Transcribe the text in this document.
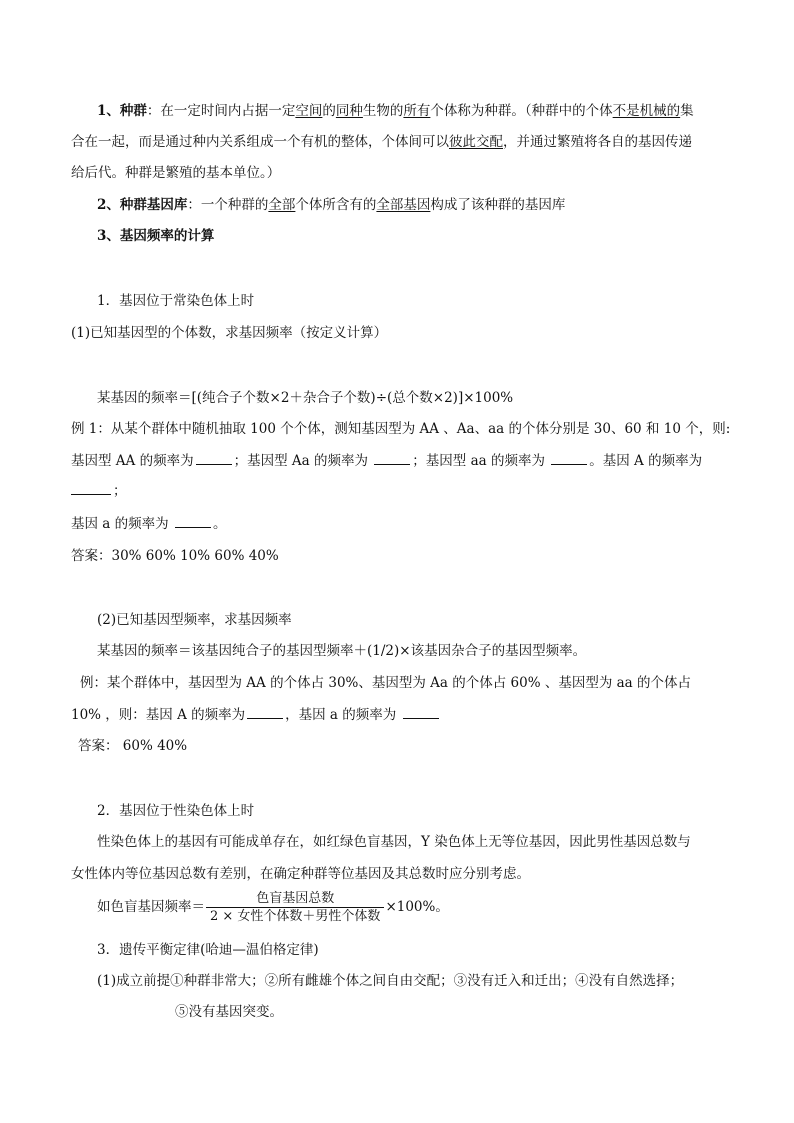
1、种群：在一定时间内占据一定空间的同种生物的所有个体称为种群。（种群中的个体不是机械的集
合在一起，而是通过种内关系组成一个有机的整体，个体间可以彼此交配，并通过繁殖将各自的基因传递
给后代。种群是繁殖的基本单位。）
2、种群基因库：一个种群的全部个体所含有的全部基因构成了该种群的基因库
3、基因频率的计算
1．基因位于常染色体上时
(1)已知基因型的个体数，求基因频率（按定义计算）
某基因的频率＝[(纯合子个数×2＋杂合子个数)÷(总个数×2)]×100%
例 1：从某个群体中随机抽取 100 个个体，测知基因型为 AA 、Aa、aa 的个体分别是 30、60 和 10 个，则:
基因型 AA 的频率为	；基因型 Aa 的频率为	；基因型 aa 的频率为	。基因 A 的频率为
；
基因 a 的频率为	。
答案：30% 60% 10% 60% 40%
(2)已知基因型频率，求基因频率
某基因的频率＝该基因纯合子的基因型频率＋(1/2)×该基因杂合子的基因型频率。
例：某个群体中，基因型为 AA 的个体占 30%、基因型为 Aa 的个体占 60% 、基因型为 aa 的个体占
10% ，则：基因 A 的频率为	，基因 a 的频率为
答案： 60% 40%
2．基因位于性染色体上时
性染色体上的基因有可能成单存在，如红绿色盲基因，Y 染色体上无等位基因，因此男性基因总数与
女性体内等位基因总数有差别，在确定种群等位基因及其总数时应分别考虑。
如色盲基因频率＝ $\frac{\text{色盲基因总数}}{\text{2 × 女性个体数＋男性个体数}} \times 100\%$。
3．遗传平衡定律(哈迪—温伯格定律)
(1)成立前提①种群非常大；②所有雌雄个体之间自由交配；③没有迁入和迁出；④没有自然选择；
⑤没有基因突变。
